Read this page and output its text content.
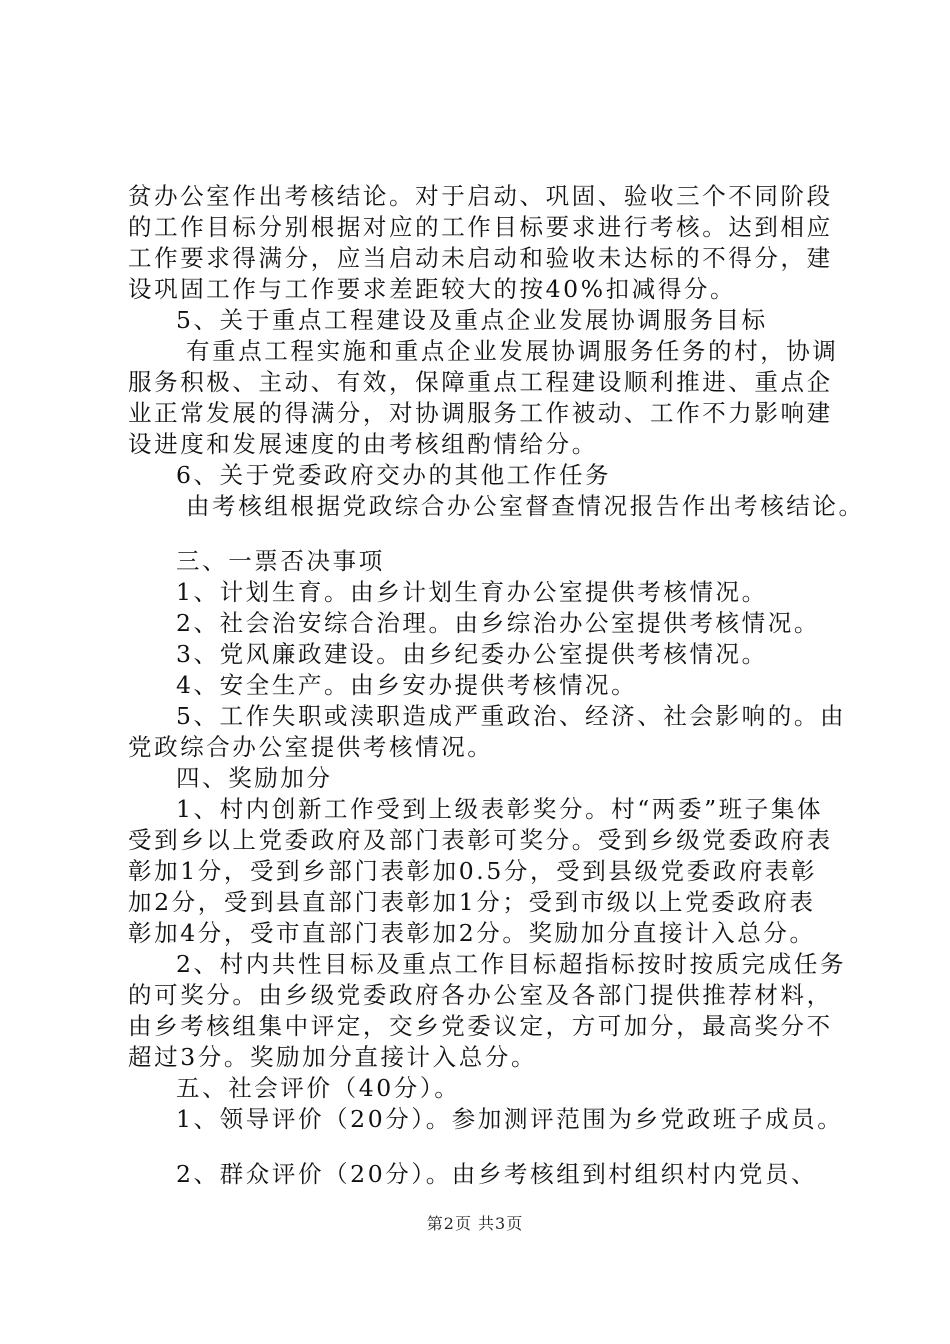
贫办公室作出考核结论。对于启动、巩固、验收三个不同阶段
的工作目标分别根据对应的工作目标要求进行考核。达到相应
工作要求得满分，应当启动未启动和验收未达标的不得分，建
设巩固工作与工作要求差距较大的按40%扣减得分。
5、关于重点工程建设及重点企业发展协调服务目标
有重点工程实施和重点企业发展协调服务任务的村，协调
服务积极、主动、有效，保障重点工程建设顺利推进、重点企
业正常发展的得满分，对协调服务工作被动、工作不力影响建
设进度和发展速度的由考核组酌情给分。
6、关于党委政府交办的其他工作任务
由考核组根据党政综合办公室督查情况报告作出考核结论。
三、一票否决事项
1、计划生育。由乡计划生育办公室提供考核情况。
2、社会治安综合治理。由乡综治办公室提供考核情况。
3、党风廉政建设。由乡纪委办公室提供考核情况。
4、安全生产。由乡安办提供考核情况。
5、工作失职或渎职造成严重政治、经济、社会影响的。由
党政综合办公室提供考核情况。
四、奖励加分
1、村内创新工作受到上级表彰奖分。村“两委”班子集体
受到乡以上党委政府及部门表彰可奖分。受到乡级党委政府表
彰加1分，受到乡部门表彰加0.5分，受到县级党委政府表彰
加2分，受到县直部门表彰加1分；受到市级以上党委政府表
彰加4分，受市直部门表彰加2分。奖励加分直接计入总分。
2、村内共性目标及重点工作目标超指标按时按质完成任务
的可奖分。由乡级党委政府各办公室及各部门提供推荐材料，
由乡考核组集中评定，交乡党委议定，方可加分，最高奖分不
超过3分。奖励加分直接计入总分。
五、社会评价（40分）。
1、领导评价（20分）。参加测评范围为乡党政班子成员。
2、群众评价（20分）。由乡考核组到村组织村内党员、
第2页 共3页
